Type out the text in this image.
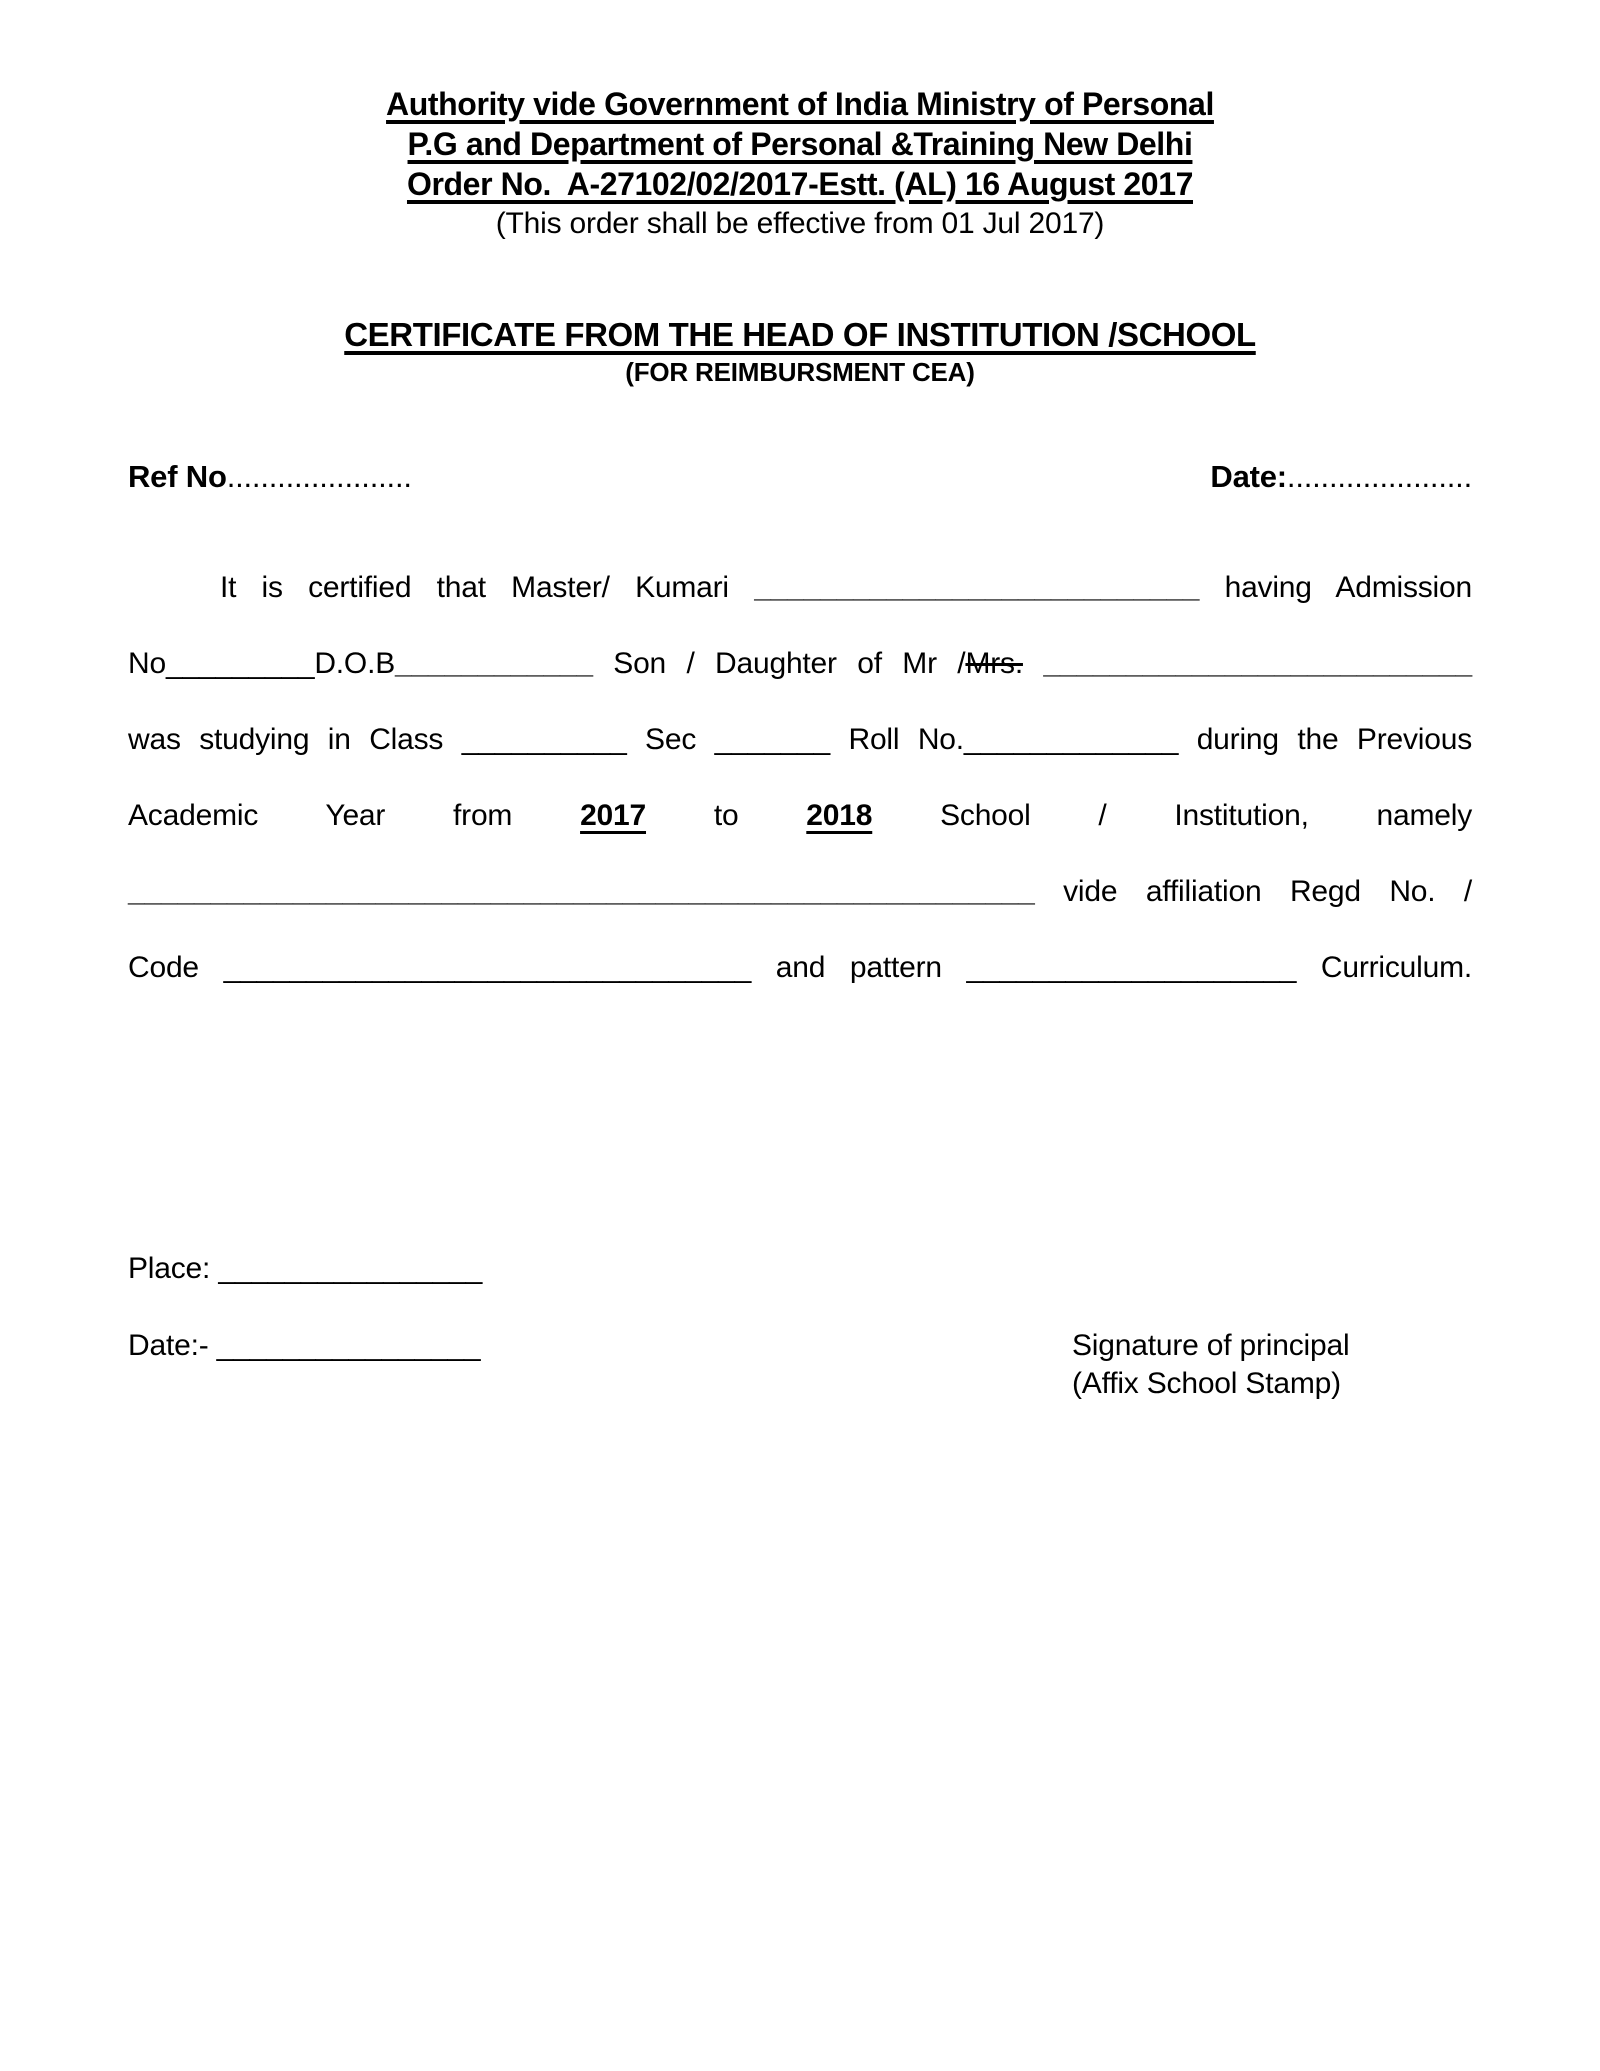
Authority vide Government of India Ministry of Personal
P.G and Department of Personal &Training New Delhi
Order No.  A-27102/02/2017-Estt. (AL) 16 August 2017
(This order shall be effective from 01 Jul 2017)
CERTIFICATE FROM THE HEAD OF INSTITUTION /SCHOOL
(FOR REIMBURSMENT CEA)
Ref No......................	Date:......................
It is certified that Master/ Kumari ___________________________ having Admission
No_________D.O.B____________ Son / Daughter of Mr /Mrs. __________________________
was studying in Class __________ Sec _______ Roll No._____________ during the Previous
Academic Year from 2017 to 2018 School / Institution, namely
_______________________________________________________ vide affiliation Regd No. /
Code ________________________________ and pattern ____________________ Curriculum.
Place: ________________
Date:- ________________	Signature of principal
(Affix School Stamp)
